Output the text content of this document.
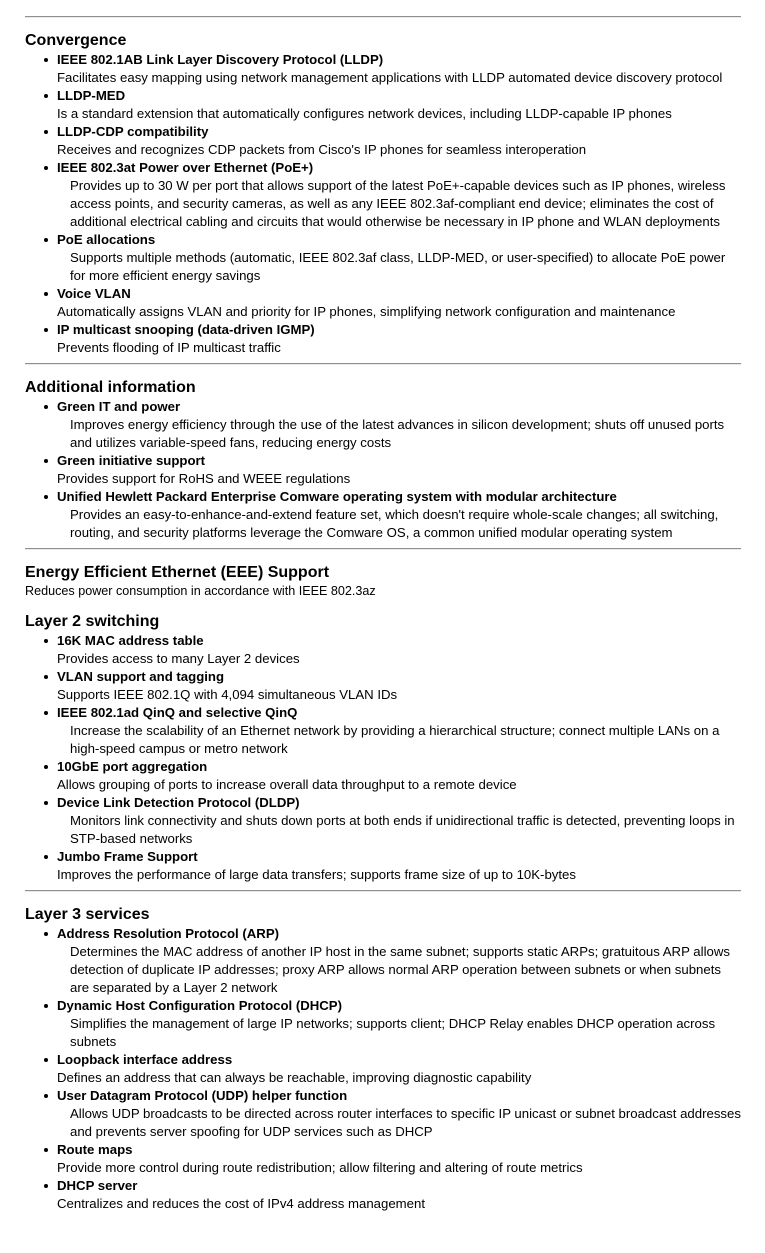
Convergence
IEEE 802.1AB Link Layer Discovery Protocol (LLDP)
Facilitates easy mapping using network management applications with LLDP automated device discovery protocol
LLDP-MED
Is a standard extension that automatically configures network devices, including LLDP-capable IP phones
LLDP-CDP compatibility
Receives and recognizes CDP packets from Cisco's IP phones for seamless interoperation
IEEE 802.3at Power over Ethernet (PoE+)
Provides up to 30 W per port that allows support of the latest PoE+-capable devices such as IP phones, wireless access points, and security cameras, as well as any IEEE 802.3af-compliant end device; eliminates the cost of additional electrical cabling and circuits that would otherwise be necessary in IP phone and WLAN deployments
PoE allocations
Supports multiple methods (automatic, IEEE 802.3af class, LLDP-MED, or user-specified) to allocate PoE power for more efficient energy savings
Voice VLAN
Automatically assigns VLAN and priority for IP phones, simplifying network configuration and maintenance
IP multicast snooping (data-driven IGMP)
Prevents flooding of IP multicast traffic
Additional information
Green IT and power
Improves energy efficiency through the use of the latest advances in silicon development; shuts off unused ports and utilizes variable-speed fans, reducing energy costs
Green initiative support
Provides support for RoHS and WEEE regulations
Unified Hewlett Packard Enterprise Comware operating system with modular architecture
Provides an easy-to-enhance-and-extend feature set, which doesn't require whole-scale changes; all switching, routing, and security platforms leverage the Comware OS, a common unified modular operating system
Energy Efficient Ethernet (EEE) Support

Reduces power consumption in accordance with IEEE 802.3az

Layer 2 switching
16K MAC address table
Provides access to many Layer 2 devices
VLAN support and tagging
Supports IEEE 802.1Q with 4,094 simultaneous VLAN IDs
IEEE 802.1ad QinQ and selective QinQ
Increase the scalability of an Ethernet network by providing a hierarchical structure; connect multiple LANs on a high-speed campus or metro network
10GbE port aggregation
Allows grouping of ports to increase overall data throughput to a remote device
Device Link Detection Protocol (DLDP)
Monitors link connectivity and shuts down ports at both ends if unidirectional traffic is detected, preventing loops in STP-based networks
Jumbo Frame Support
Improves the performance of large data transfers; supports frame size of up to 10K-bytes
Layer 3 services
Address Resolution Protocol (ARP)
Determines the MAC address of another IP host in the same subnet; supports static ARPs; gratuitous ARP allows detection of duplicate IP addresses; proxy ARP allows normal ARP operation between subnets or when subnets are separated by a Layer 2 network
Dynamic Host Configuration Protocol (DHCP)
Simplifies the management of large IP networks; supports client; DHCP Relay enables DHCP operation across subnets
Loopback interface address
Defines an address that can always be reachable, improving diagnostic capability
User Datagram Protocol (UDP) helper function
Allows UDP broadcasts to be directed across router interfaces to specific IP unicast or subnet broadcast addresses and prevents server spoofing for UDP services such as DHCP
Route maps
Provide more control during route redistribution; allow filtering and altering of route metrics
DHCP server
Centralizes and reduces the cost of IPv4 address management
